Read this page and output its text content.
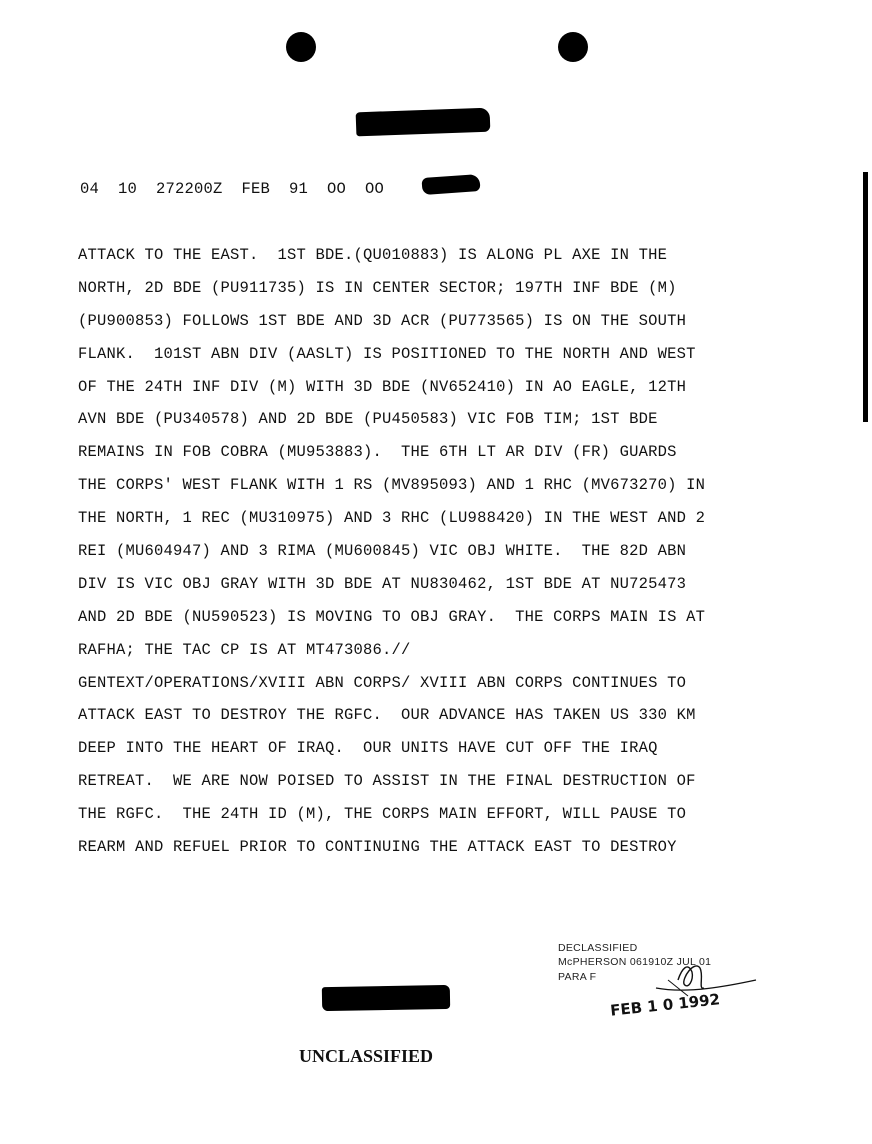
04  10  272200Z  FEB  91  OO  OO
ATTACK TO THE EAST.  1ST BDE.(QU010883) IS ALONG PL AXE IN THE
NORTH, 2D BDE (PU911735) IS IN CENTER SECTOR; 197TH INF BDE (M)
(PU900853) FOLLOWS 1ST BDE AND 3D ACR (PU773565) IS ON THE SOUTH
FLANK.  101ST ABN DIV (AASLT) IS POSITIONED TO THE NORTH AND WEST
OF THE 24TH INF DIV (M) WITH 3D BDE (NV652410) IN AO EAGLE, 12TH
AVN BDE (PU340578) AND 2D BDE (PU450583) VIC FOB TIM; 1ST BDE
REMAINS IN FOB COBRA (MU953883).  THE 6TH LT AR DIV (FR) GUARDS
THE CORPS' WEST FLANK WITH 1 RS (MV895093) AND 1 RHC (MV673270) IN
THE NORTH, 1 REC (MU310975) AND 3 RHC (LU988420) IN THE WEST AND 2
REI (MU604947) AND 3 RIMA (MU600845) VIC OBJ WHITE.  THE 82D ABN
DIV IS VIC OBJ GRAY WITH 3D BDE AT NU830462, 1ST BDE AT NU725473
AND 2D BDE (NU590523) IS MOVING TO OBJ GRAY.  THE CORPS MAIN IS AT
RAFHA; THE TAC CP IS AT MT473086.//
GENTEXT/OPERATIONS/XVIII ABN CORPS/ XVIII ABN CORPS CONTINUES TO
ATTACK EAST TO DESTROY THE RGFC.  OUR ADVANCE HAS TAKEN US 330 KM
DEEP INTO THE HEART OF IRAQ.  OUR UNITS HAVE CUT OFF THE IRAQ
RETREAT.  WE ARE NOW POISED TO ASSIST IN THE FINAL DESTRUCTION OF
THE RGFC.  THE 24TH ID (M), THE CORPS MAIN EFFORT, WILL PAUSE TO
REARM AND REFUEL PRIOR TO CONTINUING THE ATTACK EAST TO DESTROY
DECLASSIFIED
McPHERSON 061910Z JUL 01
PARA F
FEB 1 0 1992
UNCLASSIFIED
